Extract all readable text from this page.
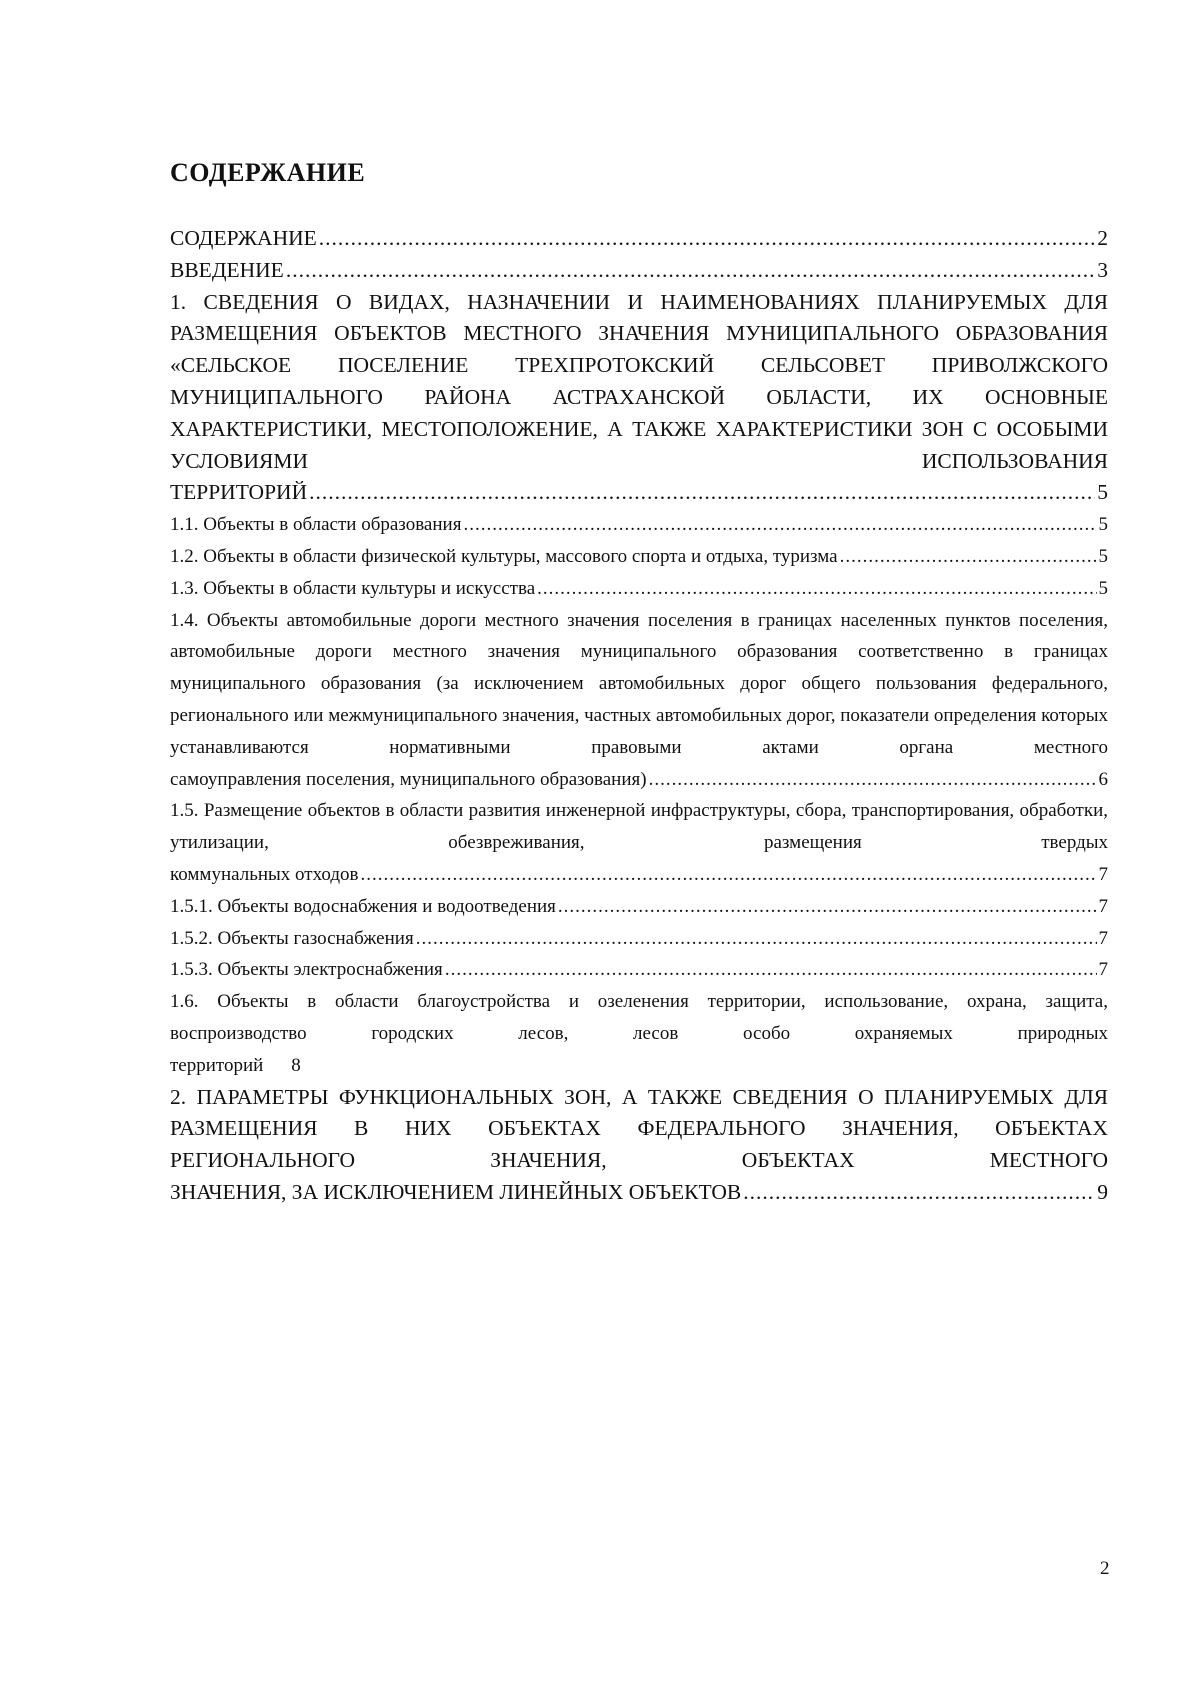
СОДЕРЖАНИЕ
СОДЕРЖАНИЕ .....	2
ВВЕДЕНИЕ .....	3
1. СВЕДЕНИЯ О ВИДАХ, НАЗНАЧЕНИИ И НАИМЕНОВАНИЯХ ПЛАНИРУЕМЫХ ДЛЯ РАЗМЕЩЕНИЯ ОБЪЕКТОВ МЕСТНОГО ЗНАЧЕНИЯ МУНИЦИПАЛЬНОГО ОБРАЗОВАНИЯ «СЕЛЬСКОЕ ПОСЕЛЕНИЕ ТРЕХПРОТОКСКИЙ СЕЛЬСОВЕТ ПРИВОЛЖСКОГО МУНИЦИПАЛЬНОГО РАЙОНА АСТРАХАНСКОЙ ОБЛАСТИ, ИХ ОСНОВНЫЕ ХАРАКТЕРИСТИКИ, МЕСТОПОЛОЖЕНИЕ, А ТАКЖЕ ХАРАКТЕРИСТИКИ ЗОН С ОСОБЫМИ УСЛОВИЯМИ ИСПОЛЬЗОВАНИЯ
ТЕРРИТОРИЙ .....	5
1.1. Объекты в области образования .....	5
1.2. Объекты в области физической культуры, массового спорта и отдыха, туризма .....	5
1.3. Объекты в области культуры и искусства .....	5
1.4. Объекты автомобильные дороги местного значения поселения в границах населенных пунктов поселения, автомобильные дороги местного значения муниципального образования соответственно в границах муниципального образования (за исключением автомобильных дорог общего пользования федерального, регионального или межмуниципального значения, частных автомобильных дорог, показатели определения которых устанавливаются нормативными правовыми актами органа местного
самоуправления поселения, муниципального образования) .....	6
1.5. Размещение объектов в области развития инженерной инфраструктуры, сбора, транспортирования, обработки, утилизации, обезвреживания, размещения твердых
коммунальных отходов .....	7
1.5.1. Объекты водоснабжения и водоотведения .....	7
1.5.2. Объекты газоснабжения .....	7
1.5.3. Объекты электроснабжения .....	7
1.6. Объекты в области благоустройства и озеленения территории, использование, охрана, защита, воспроизводство городских лесов, лесов особо охраняемых природных
территорий 8
2. ПАРАМЕТРЫ ФУНКЦИОНАЛЬНЫХ ЗОН, А ТАКЖЕ СВЕДЕНИЯ О ПЛАНИРУЕМЫХ ДЛЯ РАЗМЕЩЕНИЯ В НИХ ОБЪЕКТАХ ФЕДЕРАЛЬНОГО ЗНАЧЕНИЯ, ОБЪЕКТАХ РЕГИОНАЛЬНОГО ЗНАЧЕНИЯ, ОБЪЕКТАХ МЕСТНОГО
ЗНАЧЕНИЯ, ЗА ИСКЛЮЧЕНИЕМ ЛИНЕЙНЫХ ОБЪЕКТОВ .....	9
2
